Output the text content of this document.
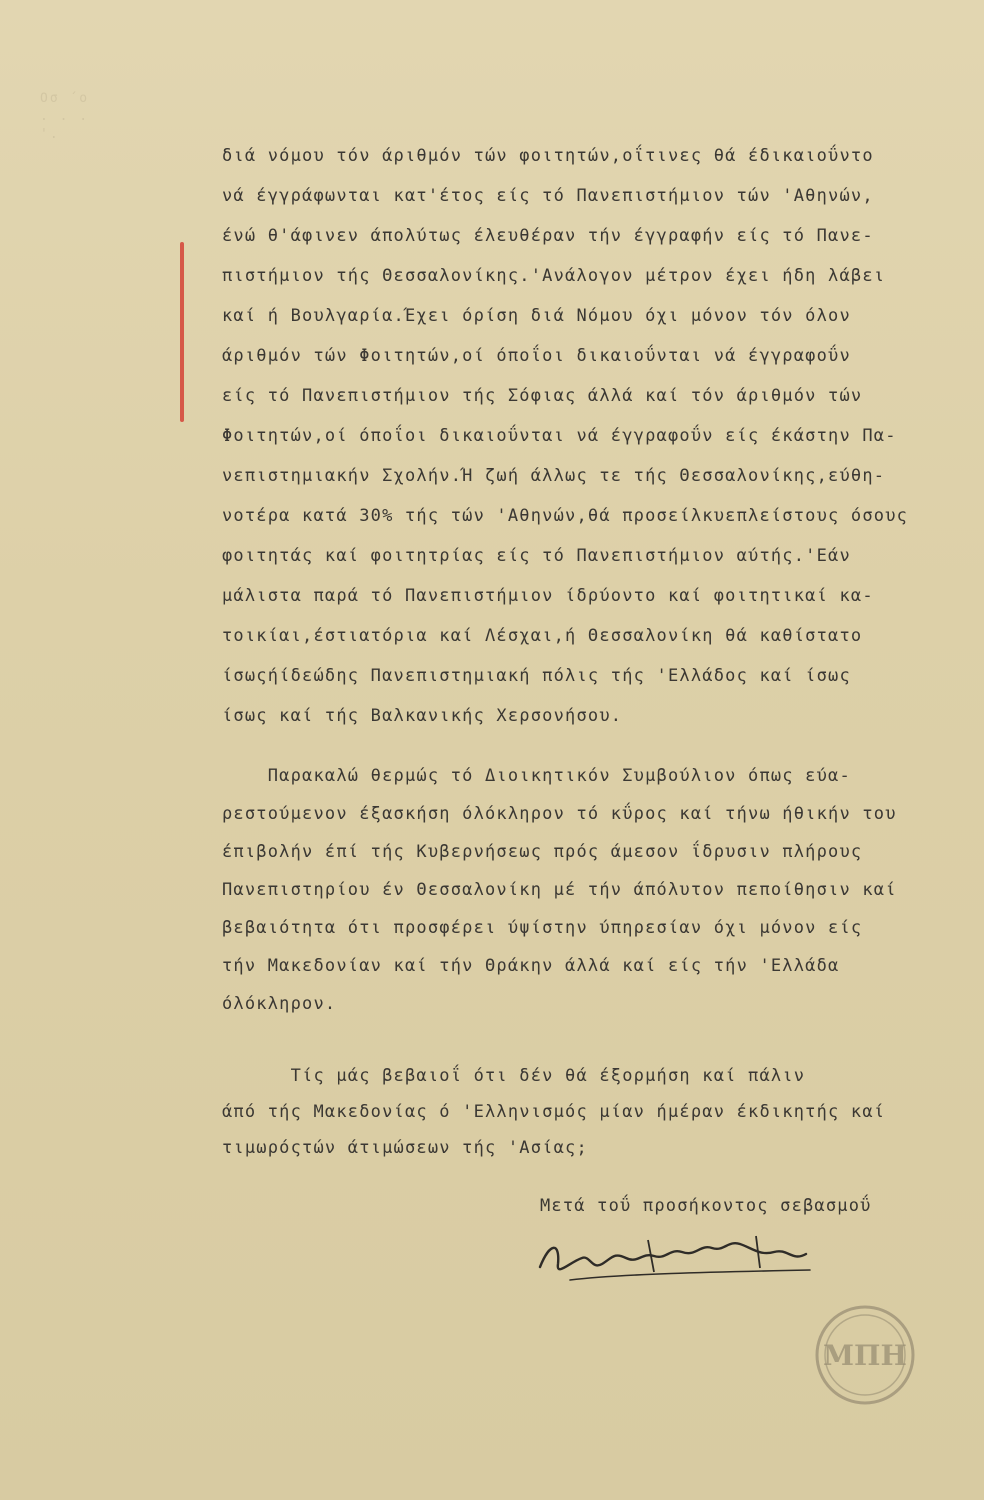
Οσ ΄ο
. . .
'.

διά νόμου τόν άριθμόν τών φοιτητών,οΐτινες θά έδικαιοΰντο

νά έγγράφωνται κατ'έτος είς τό Πανεπιστήμιον τών 'Αθηνών,

ένώ θ'άφινεν άπολύτως έλευθέραν τήν έγγραφήν είς τό Πανε-

πιστήμιον τής Θεσσαλονίκης.'Ανάλογον μέτρον έχει ήδη λάβει

καί ή Βουλγαρία.Έχει όρίση διά Νόμου όχι μόνον τόν όλον

άριθμόν τών Φοιτητών,οί όποΐοι δικαιοΰνται νά έγγραφοΰν

είς τό Πανεπιστήμιον τής Σόφιας άλλά καί τόν άριθμόν τών

Φοιτητών,οί όποΐοι δικαιοΰνται νά έγγραφοΰν είς έκάστην Πα-

νεπιστημιακήν Σχολήν.Ή ζωή άλλως τε τής Θεσσαλονίκης,εύθη-

νοτέρα κατά 30% τής τών 'Αθηνών,θά προσείλκυεπλείστους όσους

φοιτητάς καί φοιτητρίας είς τό Πανεπιστήμιον αύτής.'Εάν

μάλιστα παρά τό Πανεπιστήμιον ίδρύοντο καί φοιτητικαί κα-

τοικίαι,έστιατόρια καί Λέσχαι,ή Θεσσαλονίκη θά καθίστατο

ίσωςήίδεώδης Πανεπιστημιακή πόλις τής 'Ελλάδος καί ίσως

ίσως καί τής Βαλκανικής Χερσονήσου.

Παρακαλώ θερμώς τό Διοικητικόν Συμβούλιον όπως εύα-

ρεστούμενον έξασκήση όλόκληρον τό κΰρος καί τήνω ήθικήν του

έπιβολήν έπί τής Κυβερνήσεως πρός άμεσον ΐδρυσιν πλήρους

Πανεπιστηρίου έν Θεσσαλονίκη μέ τήν άπόλυτον πεποίθησιν καί

βεβαιότητα ότι προσφέρει ύψίστην ύπηρεσίαν όχι μόνον είς

τήν Μακεδονίαν καί τήν Θράκην άλλά καί είς τήν 'Ελλάδα

όλόκληρον.

Τίς μάς βεβαιοΐ ότι δέν θά έξορμήση καί πάλιν

άπό τής Μακεδονίας ό 'Ελληνισμός μίαν ήμέραν έκδικητής καί

τιμωρόςτών άτιμώσεων τής 'Ασίας;

Μετά τοΰ προσήκοντος σεβασμοΰ
ΜΠΗ
